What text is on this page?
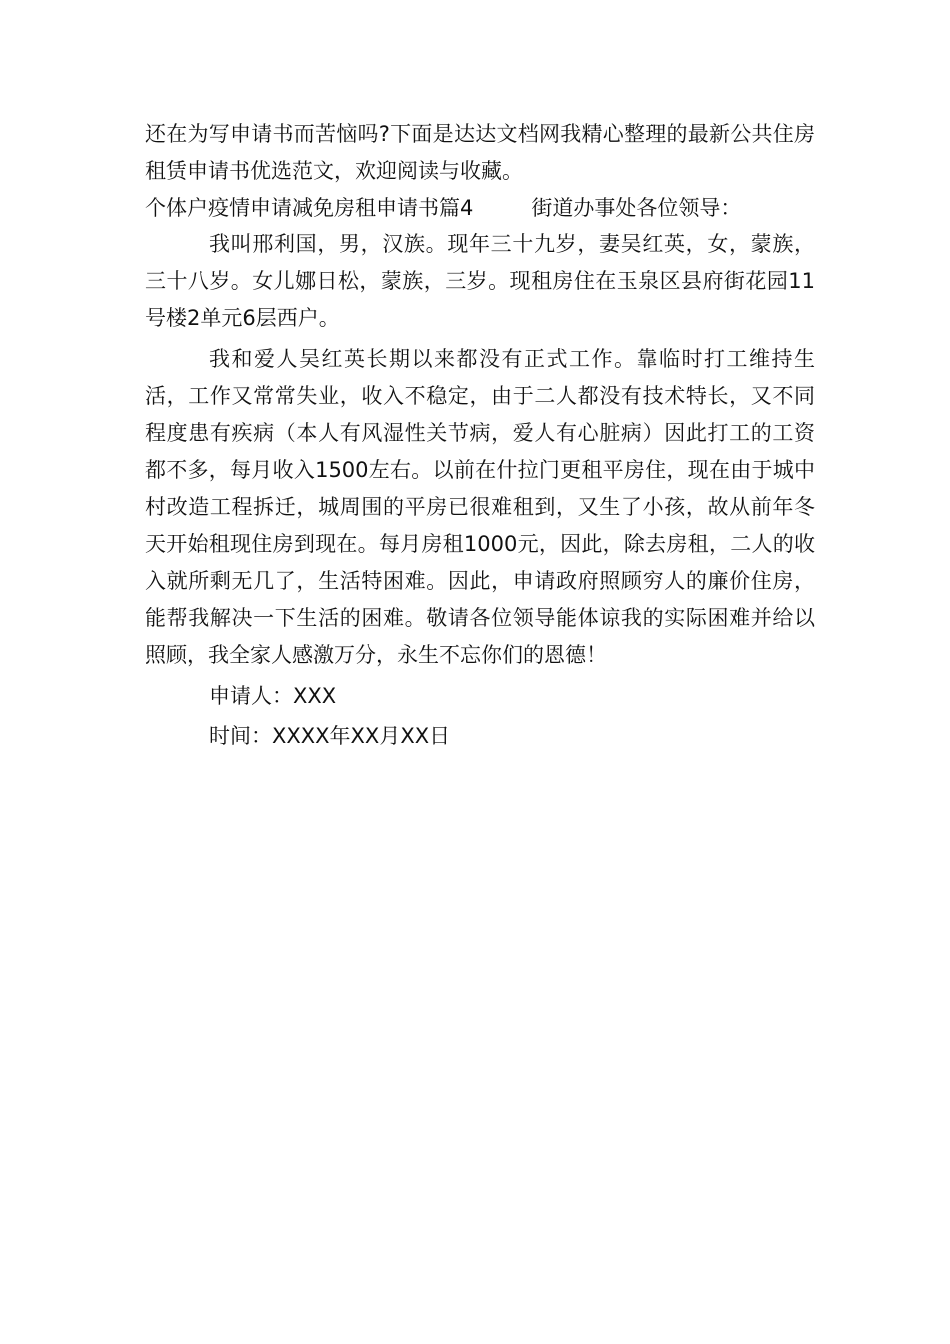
还在为写申请书而苦恼吗?下面是达达文档网我精心整理的最新公共住房租赁申请书优选范文，欢迎阅读与收藏。

个体户疫情申请减免房租申请书篇4	街道办事处各位领导：

我叫邢利国，男，汉族。现年三十九岁，妻吴红英，女，蒙族，三十八岁。女儿娜日松，蒙族，三岁。现租房住在玉泉区县府街花园11号楼2单元6层西户。

我和爱人吴红英长期以来都没有正式工作。靠临时打工维持生活，工作又常常失业，收入不稳定，由于二人都没有技术特长，又不同程度患有疾病（本人有风湿性关节病，爱人有心脏病）因此打工的工资都不多，每月收入1500左右。以前在什拉门更租平房住，现在由于城中村改造工程拆迁，城周围的平房已很难租到，又生了小孩，故从前年冬天开始租现住房到现在。每月房租1000元，因此，除去房租，二人的收入就所剩无几了，生活特困难。因此，申请政府照顾穷人的廉价住房，能帮我解决一下生活的困难。敬请各位领导能体谅我的实际困难并给以照顾，我全家人感激万分，永生不忘你们的恩德！

申请人：XXX
时间：XXXX年XX月XX日
